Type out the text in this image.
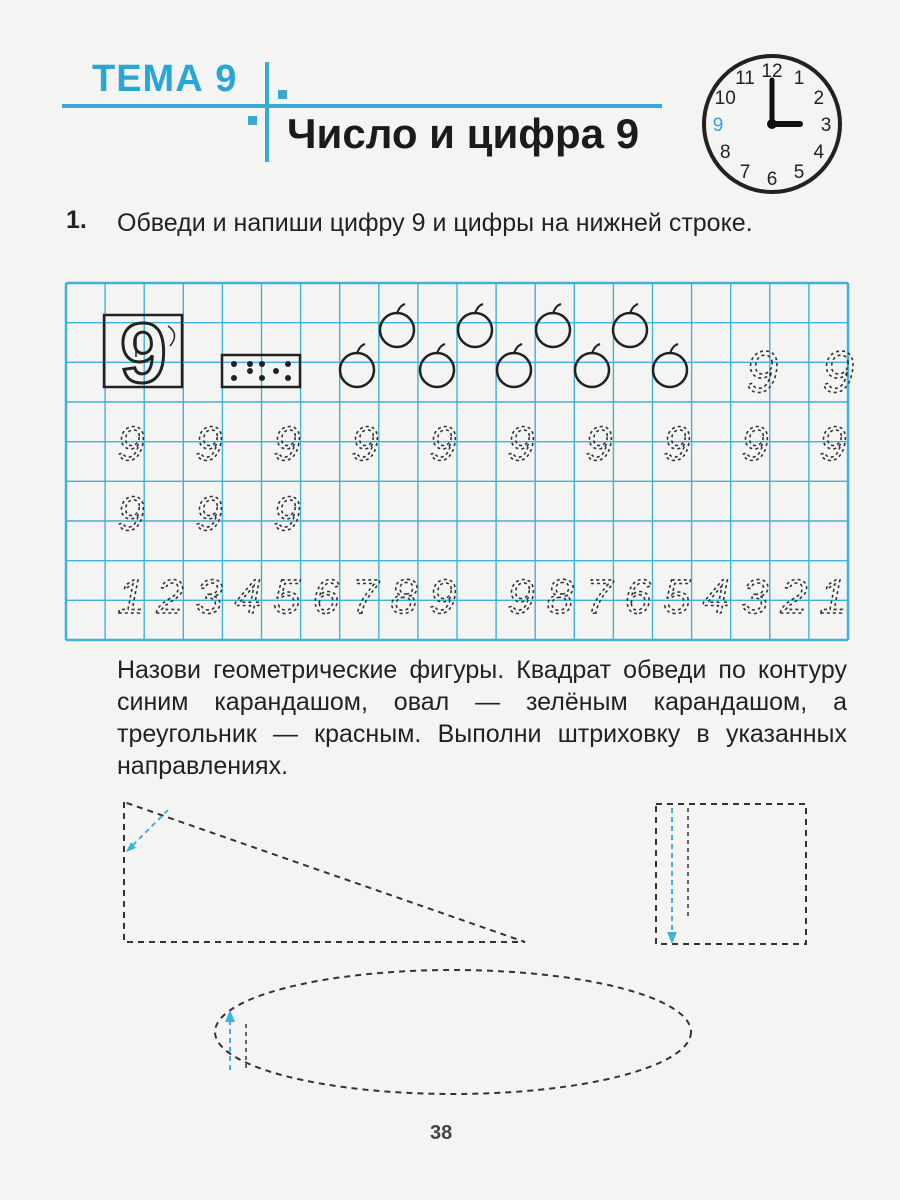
ТЕМА 9
Число и цифра 9
12 1
2
3
4
5
6
7
8
9
10
11
1. Обведи и напиши цифру 9 и цифры на нижней строке.
9	9 9
9 9 9 9 9 9 9 9 9 9
9 9 9
1 2 3 4 5 6 7 8 9 9 8 7 6 5 4 3 2 1
Назови геометрические фигуры. Квадрат обведи по контуру синим карандашом, овал — зелёным карандашом, а треугольник — красным. Выполни штриховку в указанных направлениях.
38
